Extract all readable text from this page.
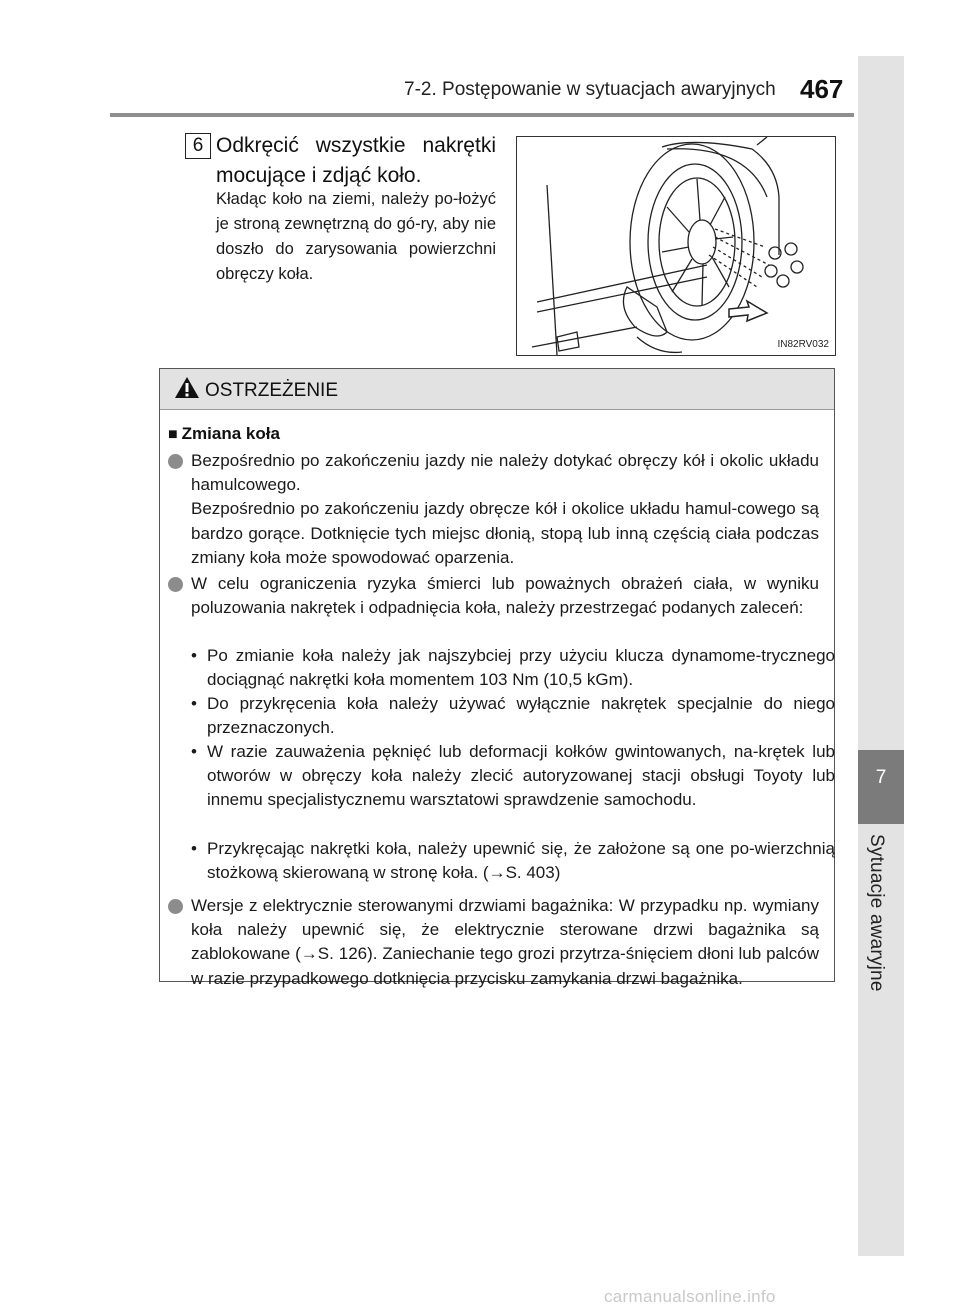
7
Sytuacje awaryjne
7-2. Postępowanie w sytuacjach awaryjnych 467
6 Odkręcić wszystkie nakrętki mocujące i zdjąć koło.
Kładąc koło na ziemi, należy po-łożyć je stroną zewnętrzną do gó-ry, aby nie doszło do zarysowania powierzchni obręczy koła.
IN82RV032
OSTRZEŻENIE
■ Zmiana koła
Bezpośrednio po zakończeniu jazdy nie należy dotykać obręczy kół i okolic układu hamulcowego.
Bezpośrednio po zakończeniu jazdy obręcze kół i okolice układu hamul-cowego są bardzo gorące. Dotknięcie tych miejsc dłonią, stopą lub inną częścią ciała podczas zmiany koła może spowodować oparzenia.
W celu ograniczenia ryzyka śmierci lub poważnych obrażeń ciała, w wyniku poluzowania nakrętek i odpadnięcia koła, należy przestrzegać podanych zaleceń:
• Po zmianie koła należy jak najszybciej przy użyciu klucza dynamome-trycznego dociągnąć nakrętki koła momentem 103 Nm (10,5 kGm).
• Do przykręcenia koła należy używać wyłącznie nakrętek specjalnie do niego przeznaczonych.
• W razie zauważenia pęknięć lub deformacji kołków gwintowanych, na-krętek lub otworów w obręczy koła należy zlecić autoryzowanej stacji obsługi Toyoty lub innemu specjalistycznemu warsztatowi sprawdzenie samochodu.
• Przykręcając nakrętki koła, należy upewnić się, że założone są one po-wierzchnią stożkową skierowaną w stronę koła. (→S. 403)
Wersje z elektrycznie sterowanymi drzwiami bagażnika: W przypadku np. wymiany koła należy upewnić się, że elektrycznie sterowane drzwi bagażnika są zablokowane (→S. 126). Zaniechanie tego grozi przytrza-śnięciem dłoni lub palców w razie przypadkowego dotknięcia przycisku zamykania drzwi bagażnika.
carmanualsonline.info
